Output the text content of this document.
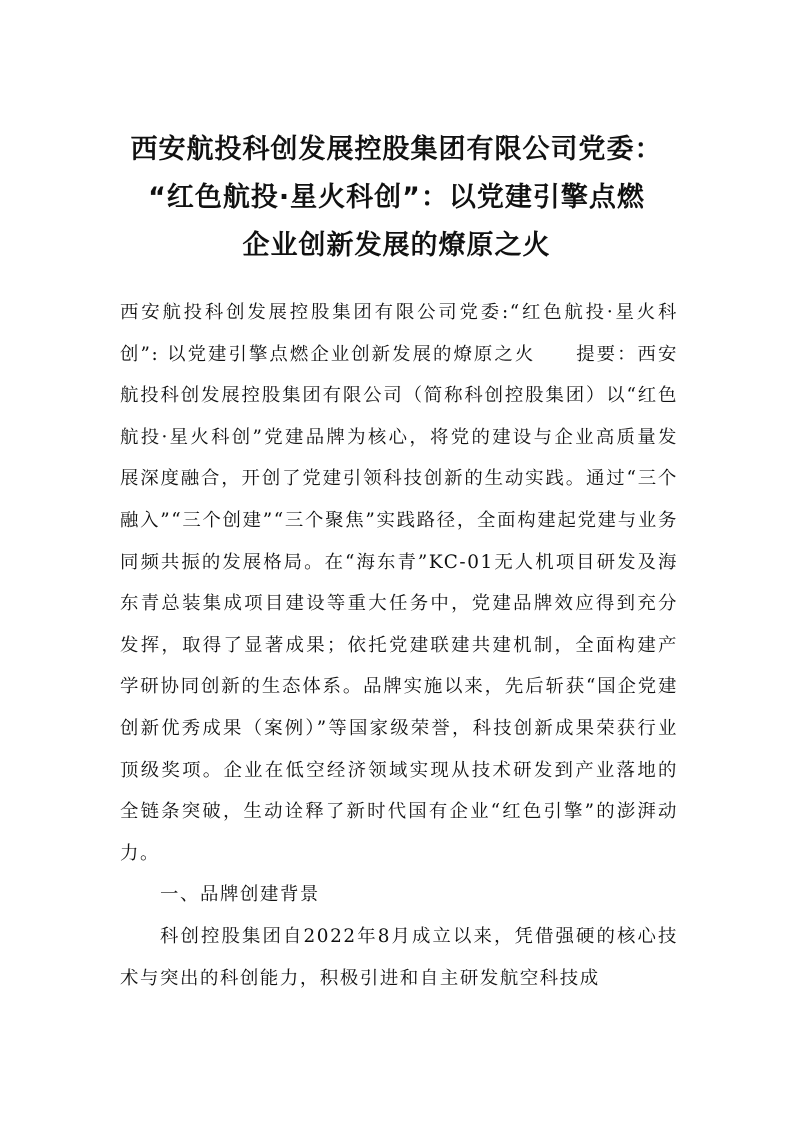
西安航投科创发展控股集团有限公司党委：
“红色航投·星火科创”：以党建引擎点燃
企业创新发展的燎原之火

西安航投科创发展控股集团有限公司党委:“红色航投·星火科创”: 以党建引擎点燃企业创新发展的燎原之火　　提要：西安航投科创发展控股集团有限公司（简称科创控股集团）以“红色航投·星火科创”党建品牌为核心，将党的建设与企业高质量发展深度融合，开创了党建引领科技创新的生动实践。通过“三个融入”“三个创建”“三个聚焦”实践路径，全面构建起党建与业务同频共振的发展格局。在“海东青”KC-01无人机项目研发及海东青总装集成项目建设等重大任务中，党建品牌效应得到充分发挥，取得了显著成果；依托党建联建共建机制，全面构建产学研协同创新的生态体系。品牌实施以来，先后斩获“国企党建创新优秀成果（案例）”等国家级荣誉，科技创新成果荣获行业顶级奖项。企业在低空经济领域实现从技术研发到产业落地的全链条突破，生动诠释了新时代国有企业“红色引擎”的澎湃动力。

一、品牌创建背景

科创控股集团自2022年8月成立以来，凭借强硬的核心技术与突出的科创能力，积极引进和自主研发航空科技成
